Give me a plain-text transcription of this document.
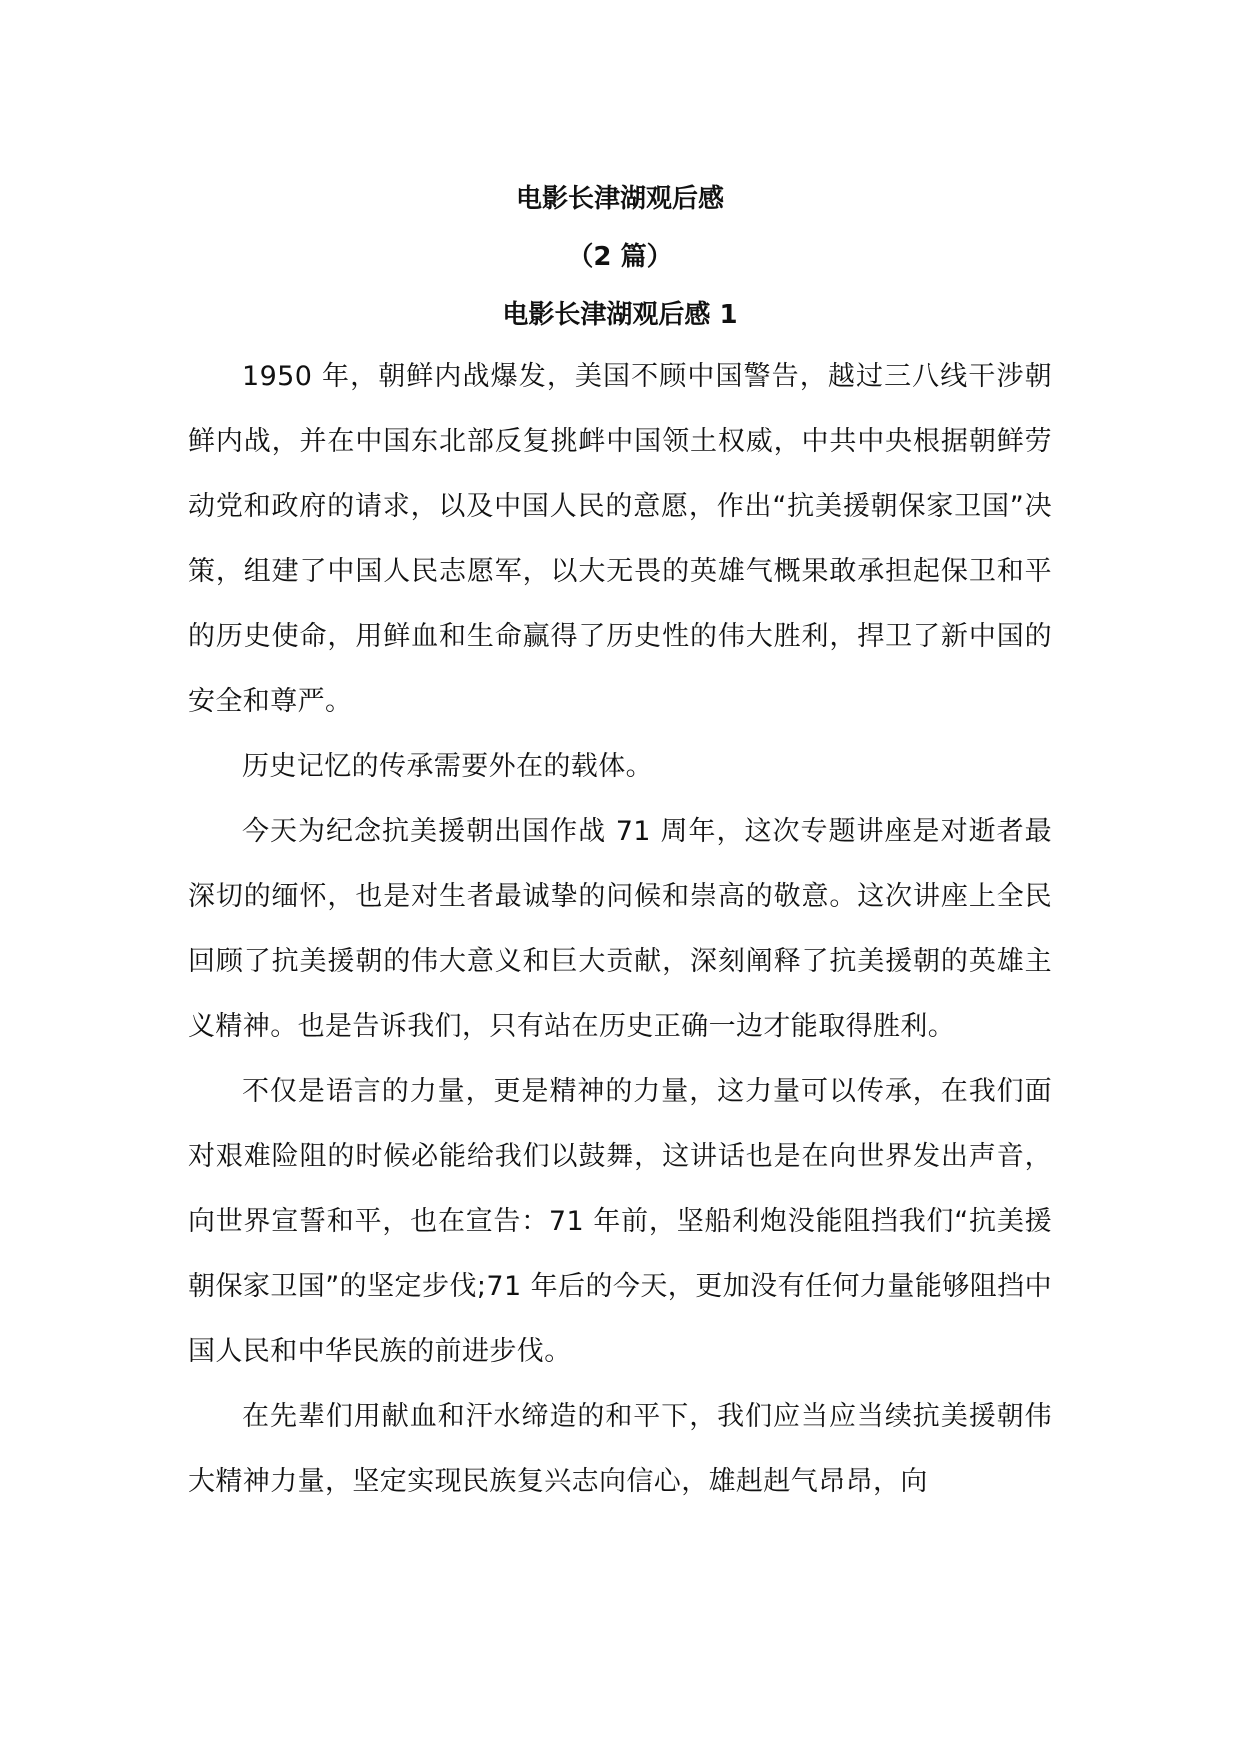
电影长津湖观后感
（2 篇）
电影长津湖观后感 1

1950 年，朝鲜内战爆发，美国不顾中国警告，越过三八线干涉朝鲜内战，并在中国东北部反复挑衅中国领土权威，中共中央根据朝鲜劳动党和政府的请求，以及中国人民的意愿，作出“抗美援朝保家卫国”决策，组建了中国人民志愿军，以大无畏的英雄气概果敢承担起保卫和平的历史使命，用鲜血和生命赢得了历史性的伟大胜利，捍卫了新中国的安全和尊严。

历史记忆的传承需要外在的载体。

今天为纪念抗美援朝出国作战 71 周年，这次专题讲座是对逝者最深切的缅怀，也是对生者最诚挚的问候和崇高的敬意。这次讲座上全民回顾了抗美援朝的伟大意义和巨大贡献，深刻阐释了抗美援朝的英雄主义精神。也是告诉我们，只有站在历史正确一边才能取得胜利。

不仅是语言的力量，更是精神的力量，这力量可以传承，在我们面对艰难险阻的时候必能给我们以鼓舞，这讲话也是在向世界发出声音，向世界宣誓和平，也在宣告：71 年前，坚船利炮没能阻挡我们“抗美援朝保家卫国”的坚定步伐;71 年后的今天，更加没有任何力量能够阻挡中国人民和中华民族的前进步伐。

在先辈们用献血和汗水缔造的和平下，我们应当应当续抗美援朝伟大精神力量，坚定实现民族复兴志向信心，雄赳赳气昂昂，向
